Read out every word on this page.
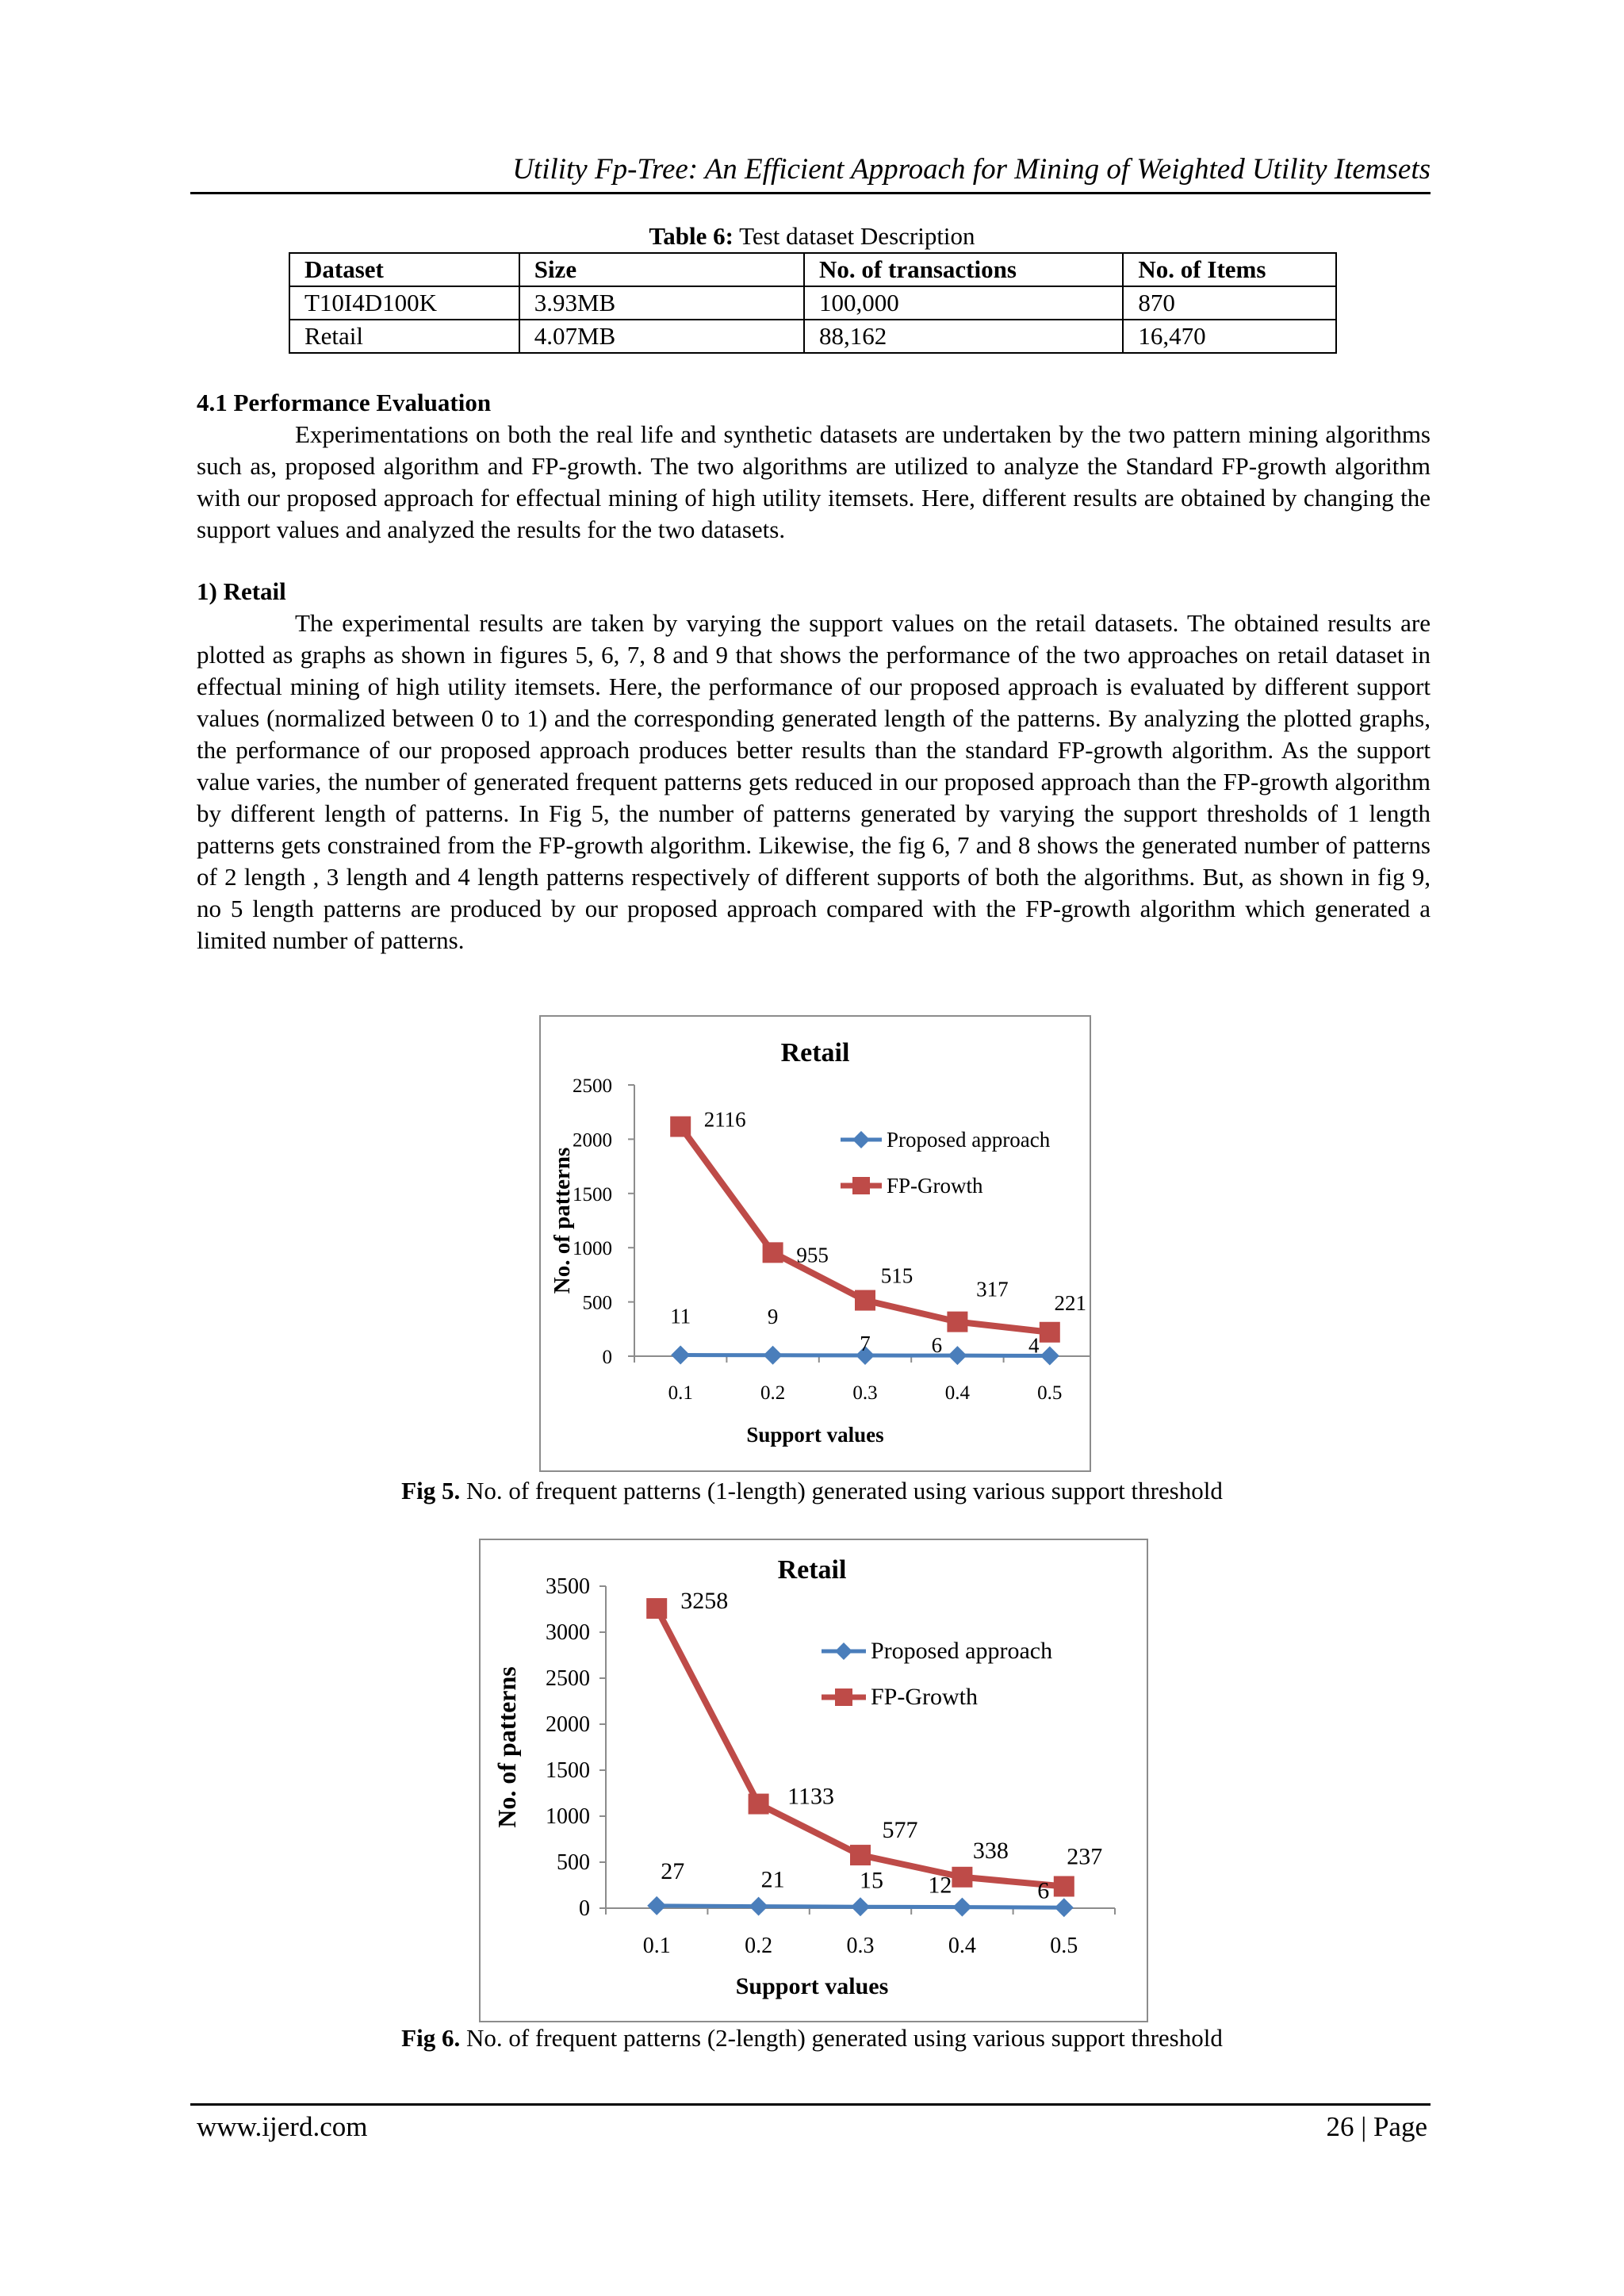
Utility Fp-Tree: An Efficient Approach for Mining of Weighted Utility Itemsets
Table 6: Test dataset Description
Dataset	Size	No. of transactions	No. of Items
T10I4D100K	3.93MB	100,000	870
Retail	4.07MB	88,162	16,470
4.1 Performance Evaluation

Experimentations on both the real life and synthetic datasets are undertaken by the two pattern mining algorithms such as, proposed algorithm and FP-growth. The two algorithms are utilized to analyze the Standard FP-growth algorithm with our proposed approach for effectual mining of high utility itemsets. Here, different results are obtained by changing the support values and analyzed the results for the two datasets.

1) Retail

The experimental results are taken by varying the support values on the retail datasets. The obtained results are plotted as graphs as shown in figures 5, 6, 7, 8 and 9 that shows the performance of the two approaches on retail dataset in effectual mining of high utility itemsets. Here, the performance of our proposed approach is evaluated by different support values (normalized between 0 to 1) and the corresponding generated length of the patterns. By analyzing the plotted graphs, the performance of our proposed approach produces better results than the standard FP-growth algorithm. As the support value varies, the number of generated frequent patterns gets reduced in our proposed approach than the FP-growth algorithm by different length of patterns. In Fig 5, the number of patterns generated by varying the support thresholds of 1 length patterns gets constrained from the FP-growth algorithm. Likewise, the fig 6, 7 and 8 shows the generated number of patterns of 2 length , 3 length and 4 length patterns respectively of different supports of both the algorithms. But, as shown in fig 9, no 5 length patterns are produced by our proposed approach compared with the FP-growth algorithm which generated a limited number of patterns.

Retail
0
500
1000
1500
2000
2500
0.1	0.2	0.3	0.4	0.5
Support values
No. of patterns
2116
955
515
317
221
11	9
7	6	4
Proposed approach
FP-Growth
Fig 5. No. of frequent patterns (1-length) generated using various support threshold
Retail
0
500
1000
1500
2000
2500
3000
3500
0.1	0.2	0.3	0.4	0.5
Support values
No. of patterns
3258
1133
577
338 237
27	21	15 12	6
Proposed approach
FP-Growth
Fig 6. No. of frequent patterns (2-length) generated using various support threshold
www.ijerd.com	26 | Page
